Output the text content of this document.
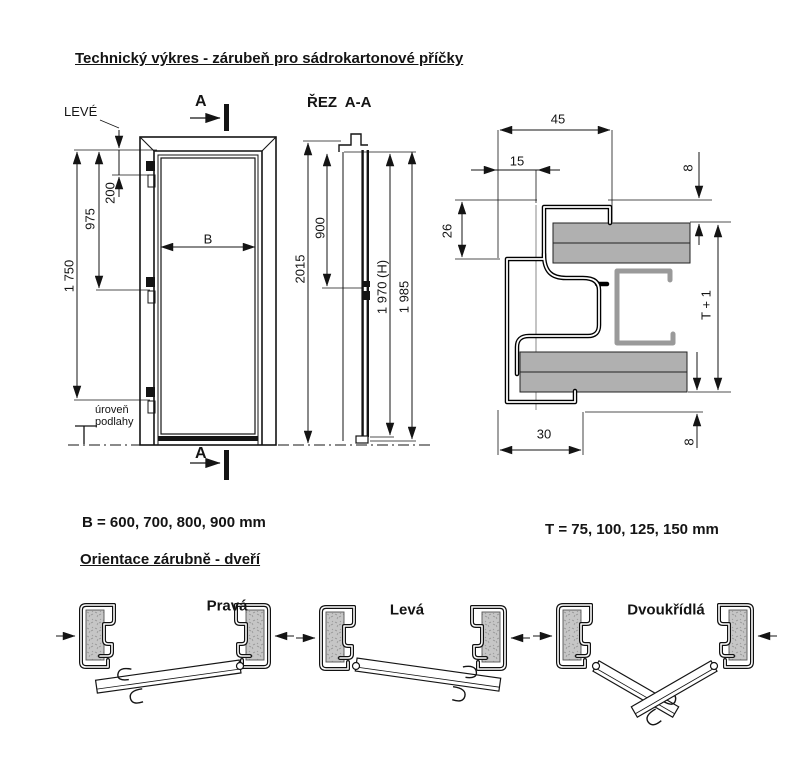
Technický výkres - zárubeň pro sádrokartonové příčky
LEVÉ
A
A
200
975
1 750
B
úroveň
podlahy
ŘEZ  A-A
2015
900
1 970 (H) 1 985
45
15
26
8
T + 1
30
8
B = 600, 700, 800, 900 mm	T = 75, 100, 125, 150 mm
Orientace zárubně - dveří
Pravá	Levá	Dvoukřídlá
